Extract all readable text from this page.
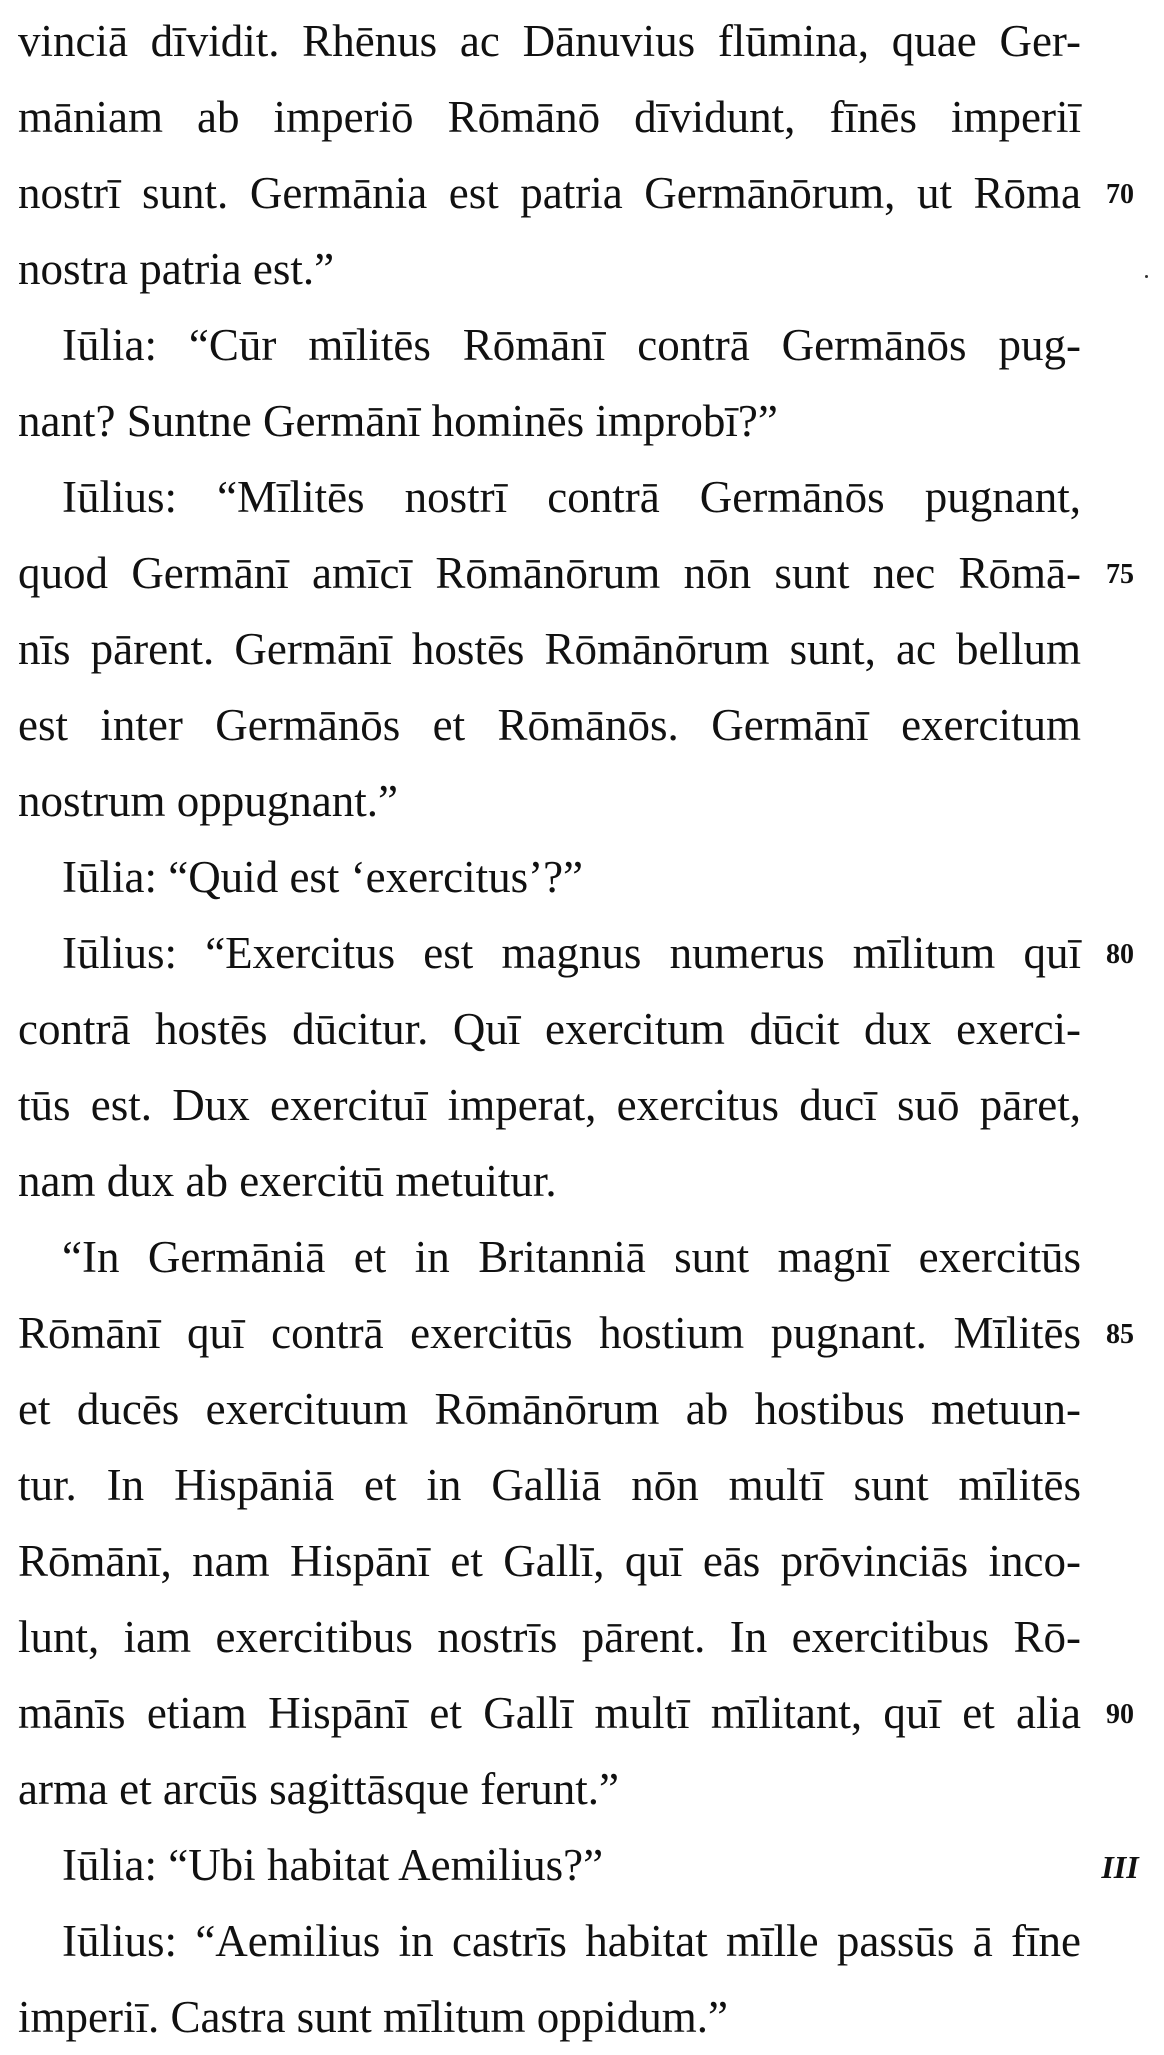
vinciā dīvidit. Rhēnus ac Dānuvius flūmina, quae Ger-
māniam ab imperiō Rōmānō dīvidunt, fīnēs imperiī
nostrī sunt. Germānia est patria Germānōrum, ut Rōma
nostra patria est.”
Iūlia: “Cūr mīlitēs Rōmānī contrā Germānōs pug-
nant? Suntne Germānī hominēs improbī?”
Iūlius: “Mīlitēs nostrī contrā Germānōs pugnant,
quod Germānī amīcī Rōmānōrum nōn sunt nec Rōmā-
nīs pārent. Germānī hostēs Rōmānōrum sunt, ac bellum
est inter Germānōs et Rōmānōs. Germānī exercitum
nostrum oppugnant.”
Iūlia: “Quid est ‘exercitus’?”
Iūlius: “Exercitus est magnus numerus mīlitum quī
contrā hostēs dūcitur. Quī exercitum dūcit dux exerci-
tūs est. Dux exercituī imperat, exercitus ducī suō pāret,
nam dux ab exercitū metuitur.
“In Germāniā et in Britanniā sunt magnī exercitūs
Rōmānī quī contrā exercitūs hostium pugnant. Mīlitēs
et ducēs exercituum Rōmānōrum ab hostibus metuun-
tur. In Hispāniā et in Galliā nōn multī sunt mīlitēs
Rōmānī, nam Hispānī et Gallī, quī eās prōvinciās inco-
lunt, iam exercitibus nostrīs pārent. In exercitibus Rō-
mānīs etiam Hispānī et Gallī multī mīlitant, quī et alia
arma et arcūs sagittāsque ferunt.”
Iūlia: “Ubi habitat Aemilius?”
Iūlius: “Aemilius in castrīs habitat mīlle passūs ā fīne
imperiī. Castra sunt mīlitum oppidum.”
70
75
80
85
90
III
